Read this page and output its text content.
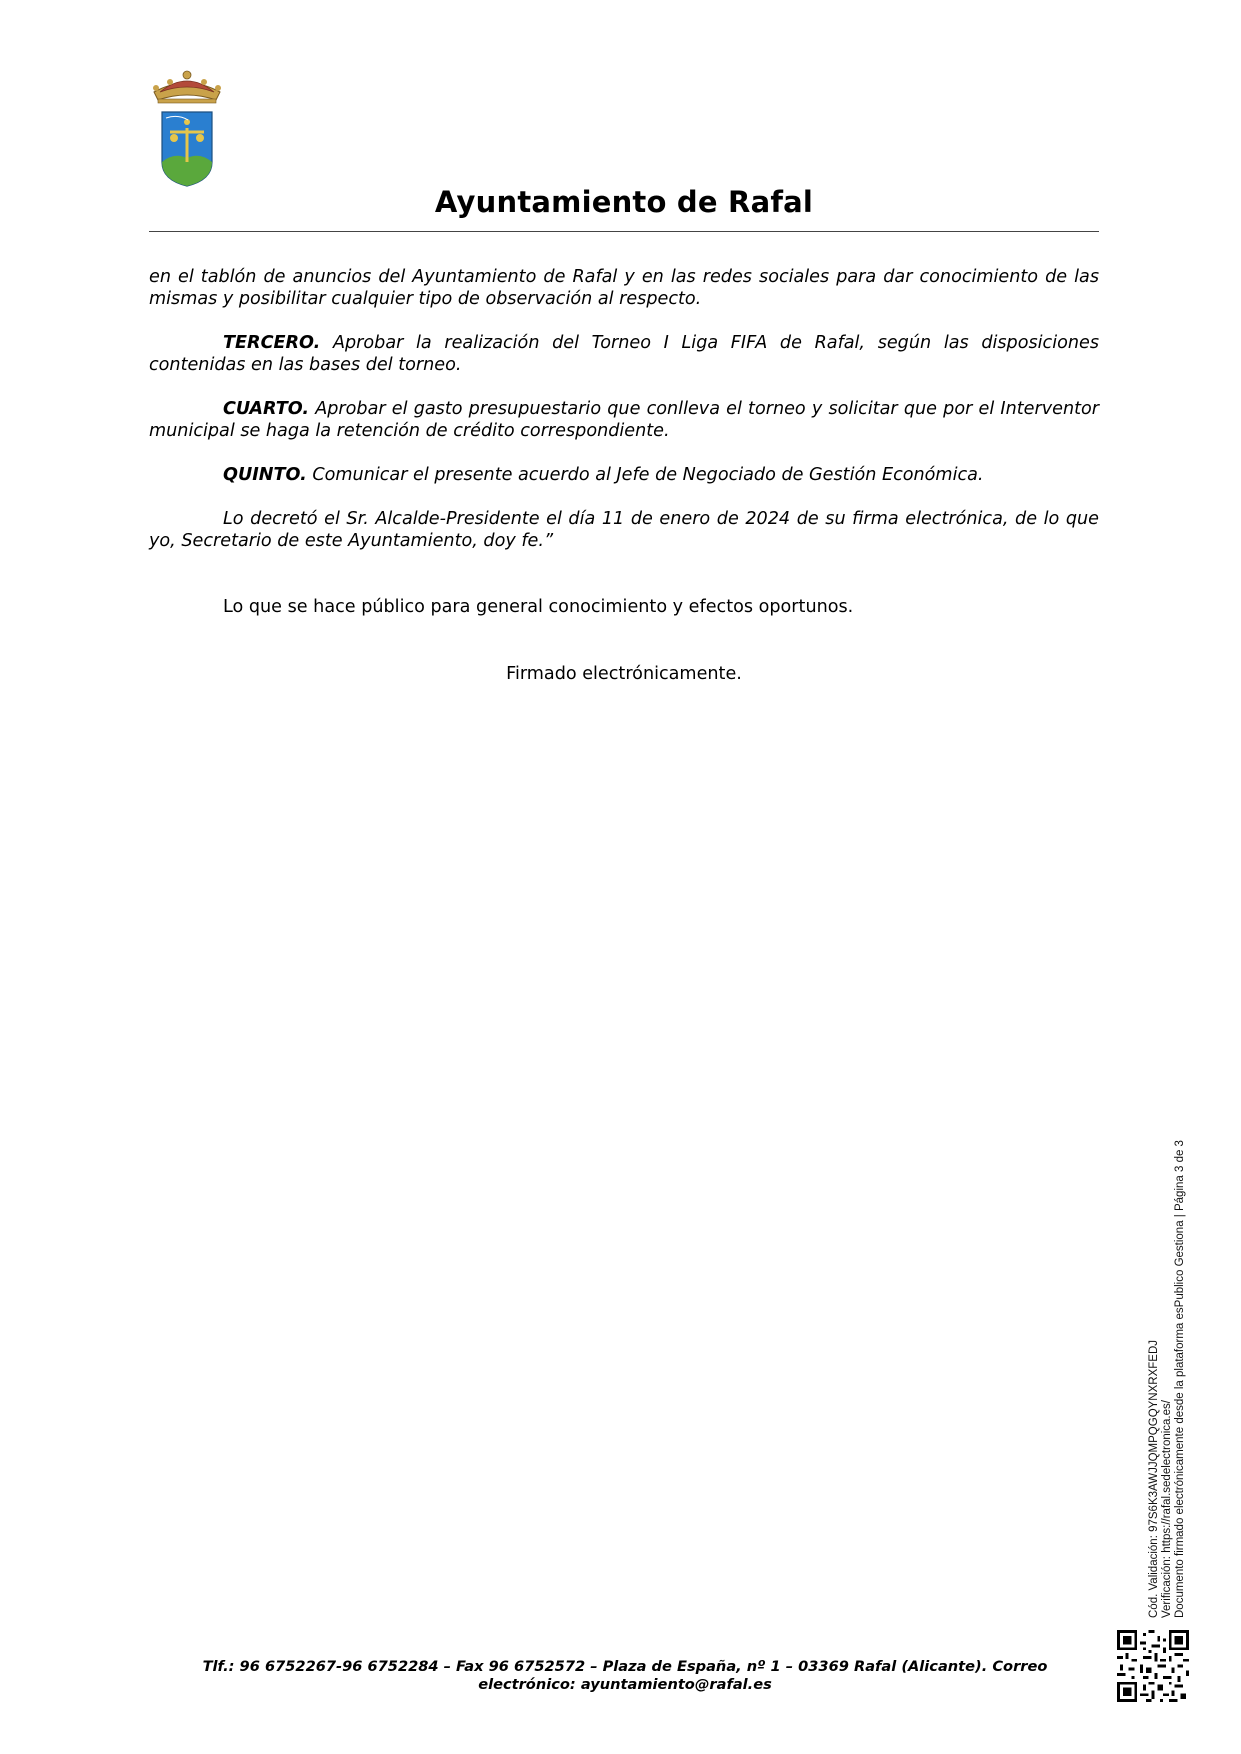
Ayuntamiento de Rafal

en el tablón de anuncios del Ayuntamiento de Rafal y en las redes sociales para dar conocimiento de las mismas y posibilitar cualquier tipo de observación al respecto.

TERCERO. Aprobar la realización del Torneo I Liga FIFA de Rafal, según las disposiciones contenidas en las bases del torneo.

CUARTO. Aprobar el gasto presupuestario que conlleva el torneo y solicitar que por el Interventor municipal se haga la retención de crédito correspondiente.

QUINTO. Comunicar el presente acuerdo al Jefe de Negociado de Gestión Económica.

Lo decretó el Sr. Alcalde-Presidente el día 11 de enero de 2024 de su firma electrónica, de lo que yo, Secretario de este Ayuntamiento, doy fe.”

Lo que se hace público para general conocimiento y efectos oportunos.
Firmado electrónicamente.
Cód. Validación: 97S6K3AWJJQMPQGQYNXRXFEDJ Verificación: https://rafal.sedelectronica.es/ Documento firmado electrónicamente desde la plataforma esPublico Gestiona | Página 3 de 3
Tlf.: 96 6752267-96 6752284 – Fax 96 6752572 – Plaza de España, nº 1 – 03369 Rafal (Alicante). Correo
electrónico: ayuntamiento@rafal.es
